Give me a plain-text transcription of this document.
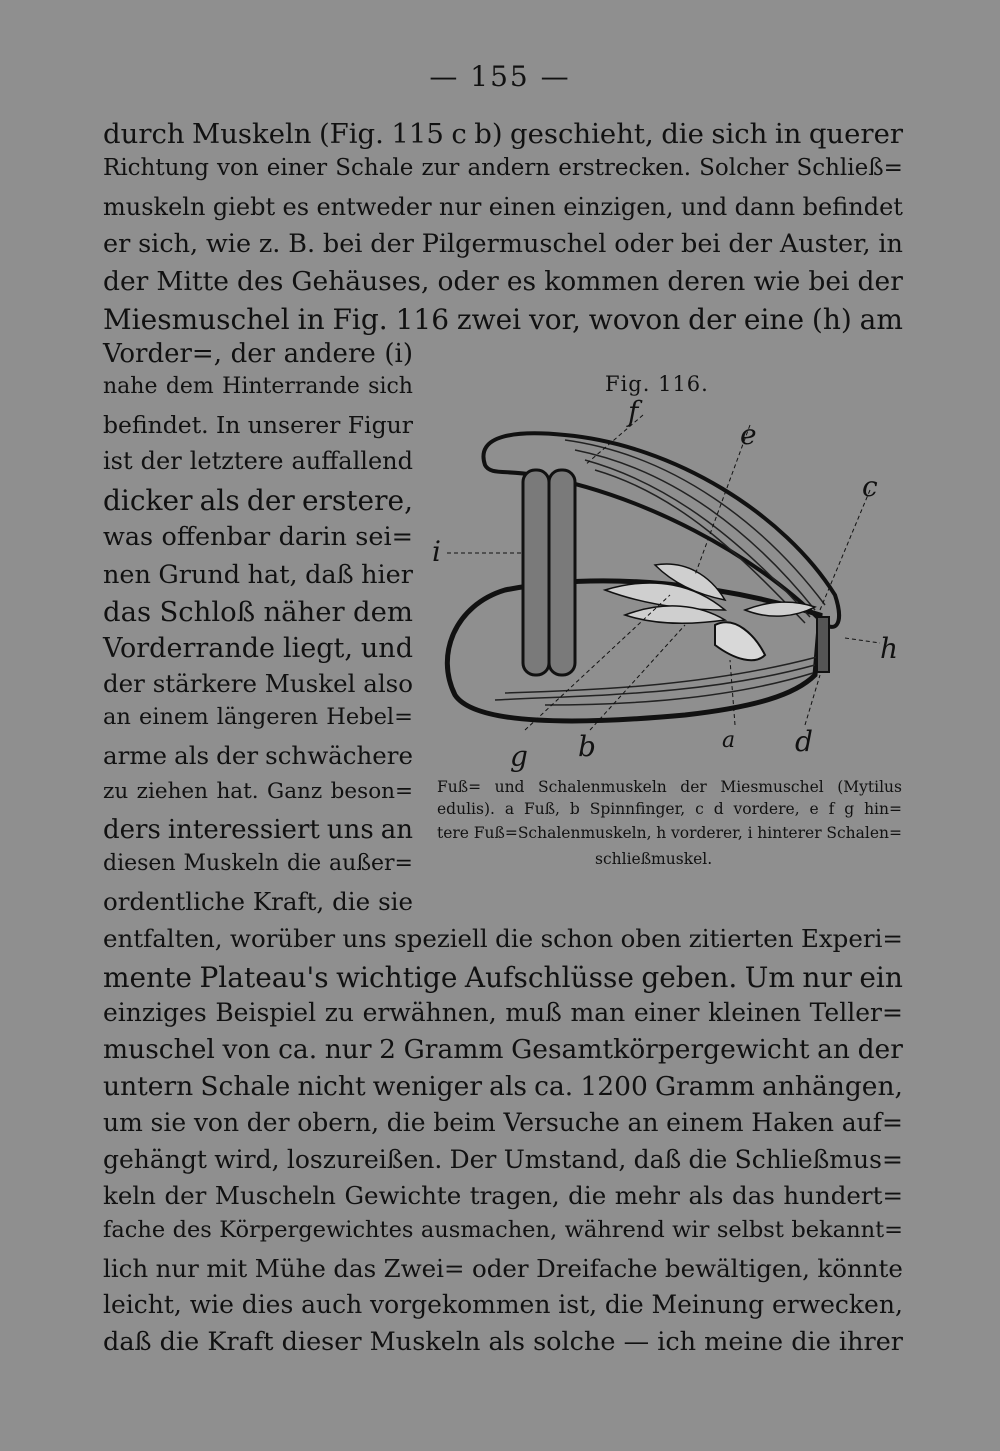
— 155 —
durch Muskeln (Fig. 115 c b) geschieht, die sich in querer
Richtung von einer Schale zur andern erstrecken. Solcher Schließ=
muskeln giebt es entweder nur einen einzigen, und dann befindet
er sich, wie z. B. bei der Pilgermuschel oder bei der Auster, in
der Mitte des Gehäuses, oder es kommen deren wie bei der
Miesmuschel in Fig. 116 zwei vor, wovon der eine (h) am
Vorder=, der andere (i)
nahe dem Hinterrande sich
befindet. In unserer Figur
ist der letztere auffallend
dicker als der erstere,
was offenbar darin sei=
nen Grund hat, daß hier
das Schloß näher dem
Vorderrande liegt, und
der stärkere Muskel also
an einem längeren Hebel=
arme als der schwächere
zu ziehen hat. Ganz beson=
ders interessiert uns an
diesen Muskeln die außer=
ordentliche Kraft, die sie
entfalten, worüber uns speziell die schon oben zitierten Experi=
mente Plateau's wichtige Aufschlüsse geben. Um nur ein
einziges Beispiel zu erwähnen, muß man einer kleinen Teller=
muschel von ca. nur 2 Gramm Gesamtkörpergewicht an der
untern Schale nicht weniger als ca. 1200 Gramm anhängen,
um sie von der obern, die beim Versuche an einem Haken auf=
gehängt wird, loszureißen. Der Umstand, daß die Schließmus=
keln der Muscheln Gewichte tragen, die mehr als das hundert=
fache des Körpergewichtes ausmachen, während wir selbst bekannt=
lich nur mit Mühe das Zwei= oder Dreifache bewältigen, könnte
leicht, wie dies auch vorgekommen ist, die Meinung erwecken,
daß die Kraft dieser Muskeln als solche — ich meine die ihrer
Fig. 116.
f
e
c
i
h
g b	a d
Fuß= und Schalenmuskeln der Miesmuschel (Mytilus
edulis). a Fuß, b Spinnfinger, c d vordere, e f g hin=
tere Fuß=Schalenmuskeln, h vorderer, i hinterer Schalen=
schließmuskel.
